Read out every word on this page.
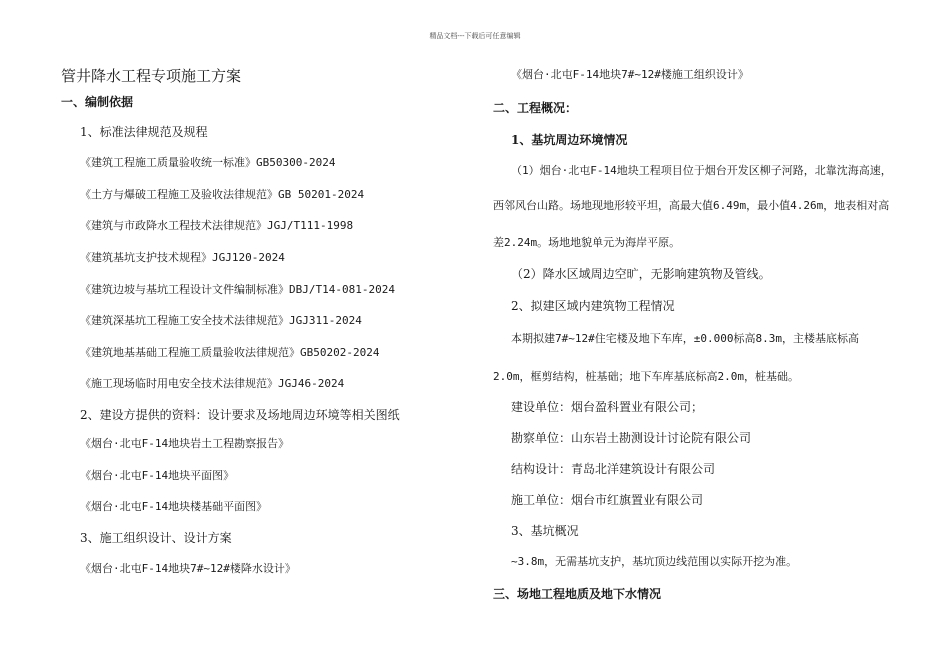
精品文档---下载后可任意编辑
管井降水工程专项施工方案
一、编制依据
1、标准法律规范及规程
《建筑工程施工质量验收统一标准》GB50300-2024
《土方与爆破工程施工及验收法律规范》GB 50201-2024
《建筑与市政降水工程技术法律规范》JGJ/T111-1998
《建筑基坑支护技术规程》JGJ120-2024
《建筑边坡与基坑工程设计文件编制标准》DBJ/T14-081-2024
《建筑深基坑工程施工安全技术法律规范》JGJ311-2024
《建筑地基基础工程施工质量验收法律规范》GB50202-2024
《施工现场临时用电安全技术法律规范》JGJ46-2024
2、建设方提供的资料：设计要求及场地周边环境等相关图纸
《烟台·北屯F-14地块岩土工程勘察报告》
《烟台·北屯F-14地块平面图》
《烟台·北屯F-14地块楼基础平面图》
3、施工组织设计、设计方案
《烟台·北屯F-14地块7#~12#楼降水设计》
《烟台·北屯F-14地块7#~12#楼施工组织设计》
二、工程概况：
1、基坑周边环境情况
（1）烟台·北屯F-14地块工程项目位于烟台开发区柳子河路，北靠沈海高速，
西邻风台山路。场地现地形较平坦，高最大值6.49m，最小值4.26m，地表相对高
差2.24m。场地地貌单元为海岸平原。
（2）降水区域周边空旷，无影响建筑物及管线。
2、拟建区域内建筑物工程情况
本期拟建7#~12#住宅楼及地下车库，±0.000标高8.3m，主楼基底标高
2.0m，框剪结构，桩基础；地下车库基底标高2.0m，桩基础。
建设单位：烟台盈科置业有限公司；
勘察单位：山东岩土勘测设计讨论院有限公司
结构设计：青岛北洋建筑设计有限公司
施工单位：烟台市红旗置业有限公司
3、基坑概况
~3.8m，无需基坑支护，基坑顶边线范围以实际开挖为准。
三、场地工程地质及地下水情况
